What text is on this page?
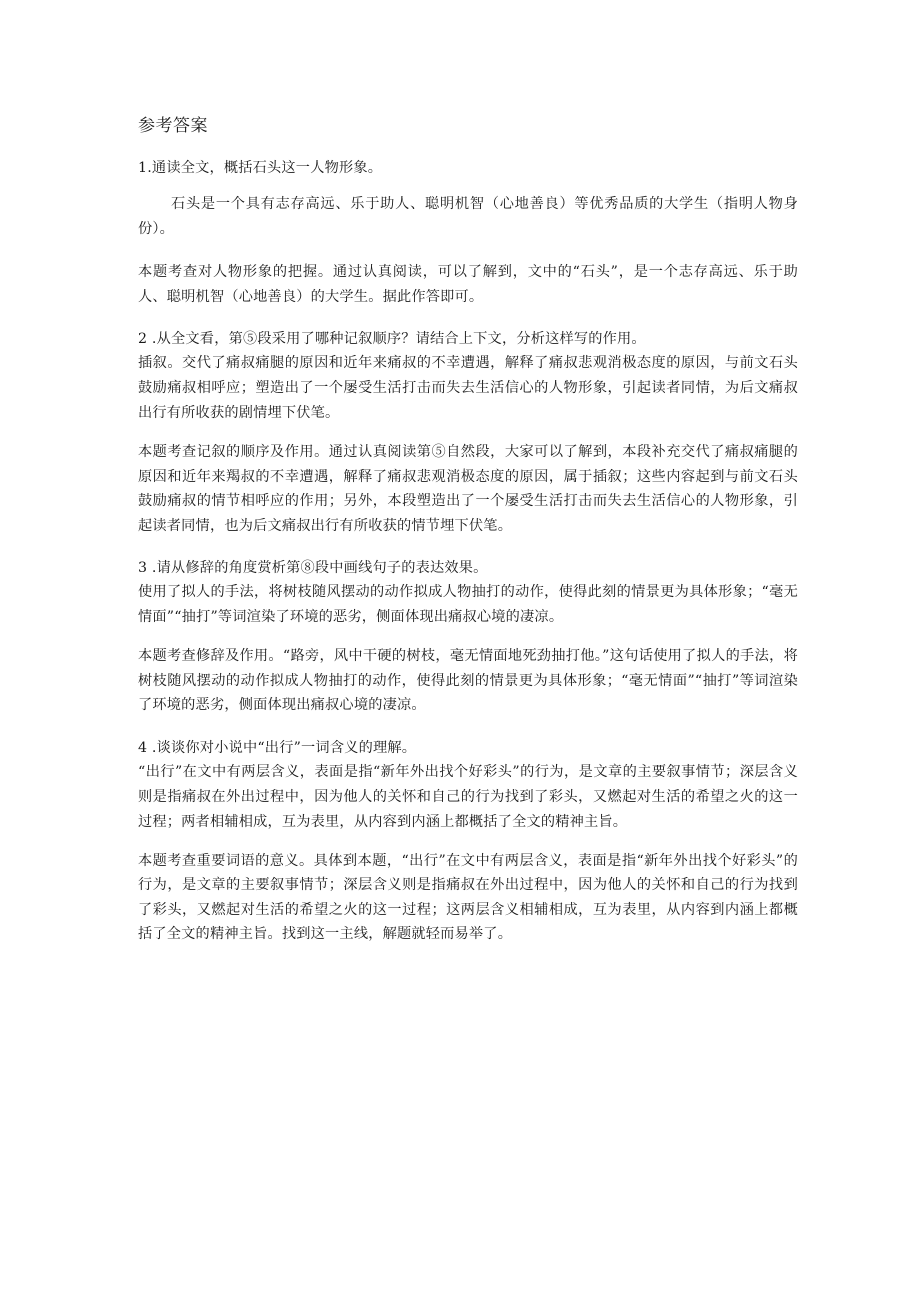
参考答案

1.通读全文，概括石头这一人物形象。

石头是一个具有志存高远、乐于助人、聪明机智（心地善良）等优秀品质的大学生（指明人物身份）。

本题考查对人物形象的把握。通过认真阅读，可以了解到，文中的“石头”，是一个志存高远、乐于助人、聪明机智（心地善良）的大学生。据此作答即可。

2 .从全文看，第⑤段采用了哪种记叙顺序？请结合上下文，分析这样写的作用。

插叙。交代了痛叔痛腿的原因和近年来痛叔的不幸遭遇，解释了痛叔悲观消极态度的原因，与前文石头鼓励痛叔相呼应；塑造出了一个屡受生活打击而失去生活信心的人物形象，引起读者同情，为后文痛叔出行有所收获的剧情埋下伏笔。

本题考查记叙的顺序及作用。通过认真阅读第⑤自然段，大家可以了解到，本段补充交代了痛叔痛腿的原因和近年来羯叔的不幸遭遇，解释了痛叔悲观消极态度的原因，属于插叙；这些内容起到与前文石头鼓励痛叔的情节相呼应的作用；另外，本段塑造出了一个屡受生活打击而失去生活信心的人物形象，引起读者同情，也为后文痛叔出行有所收获的情节埋下伏笔。

3 .请从修辞的角度赏析第⑧段中画线句子的表达效果。

使用了拟人的手法，将树枝随风摆动的动作拟成人物抽打的动作，使得此刻的情景更为具体形象；“毫无情面”“抽打”等词渲染了环境的恶劣，侧面体现出痛叔心境的凄凉。

本题考查修辞及作用。“路旁，风中干硬的树枝，毫无情面地死劲抽打他。”这句话使用了拟人的手法，将树枝随风摆动的动作拟成人物抽打的动作，使得此刻的情景更为具体形象；“毫无情面”“抽打”等词渲染了环境的恶劣，侧面体现出痛叔心境的凄凉。

4 .谈谈你对小说中“出行”一词含义的理解。

“出行”在文中有两层含义，表面是指“新年外出找个好彩头”的行为，是文章的主要叙事情节；深层含义则是指痛叔在外出过程中，因为他人的关怀和自己的行为找到了彩头，又燃起对生活的希望之火的这一过程；两者相辅相成，互为表里，从内容到内涵上都概括了全文的精神主旨。

本题考查重要词语的意义。具体到本题，“出行”在文中有两层含义，表面是指“新年外出找个好彩头”的行为，是文章的主要叙事情节；深层含义则是指痛叔在外出过程中，因为他人的关怀和自己的行为找到了彩头，又燃起对生活的希望之火的这一过程；这两层含义相辅相成，互为表里，从内容到内涵上都概括了全文的精神主旨。找到这一主线，解题就轻而易举了。
